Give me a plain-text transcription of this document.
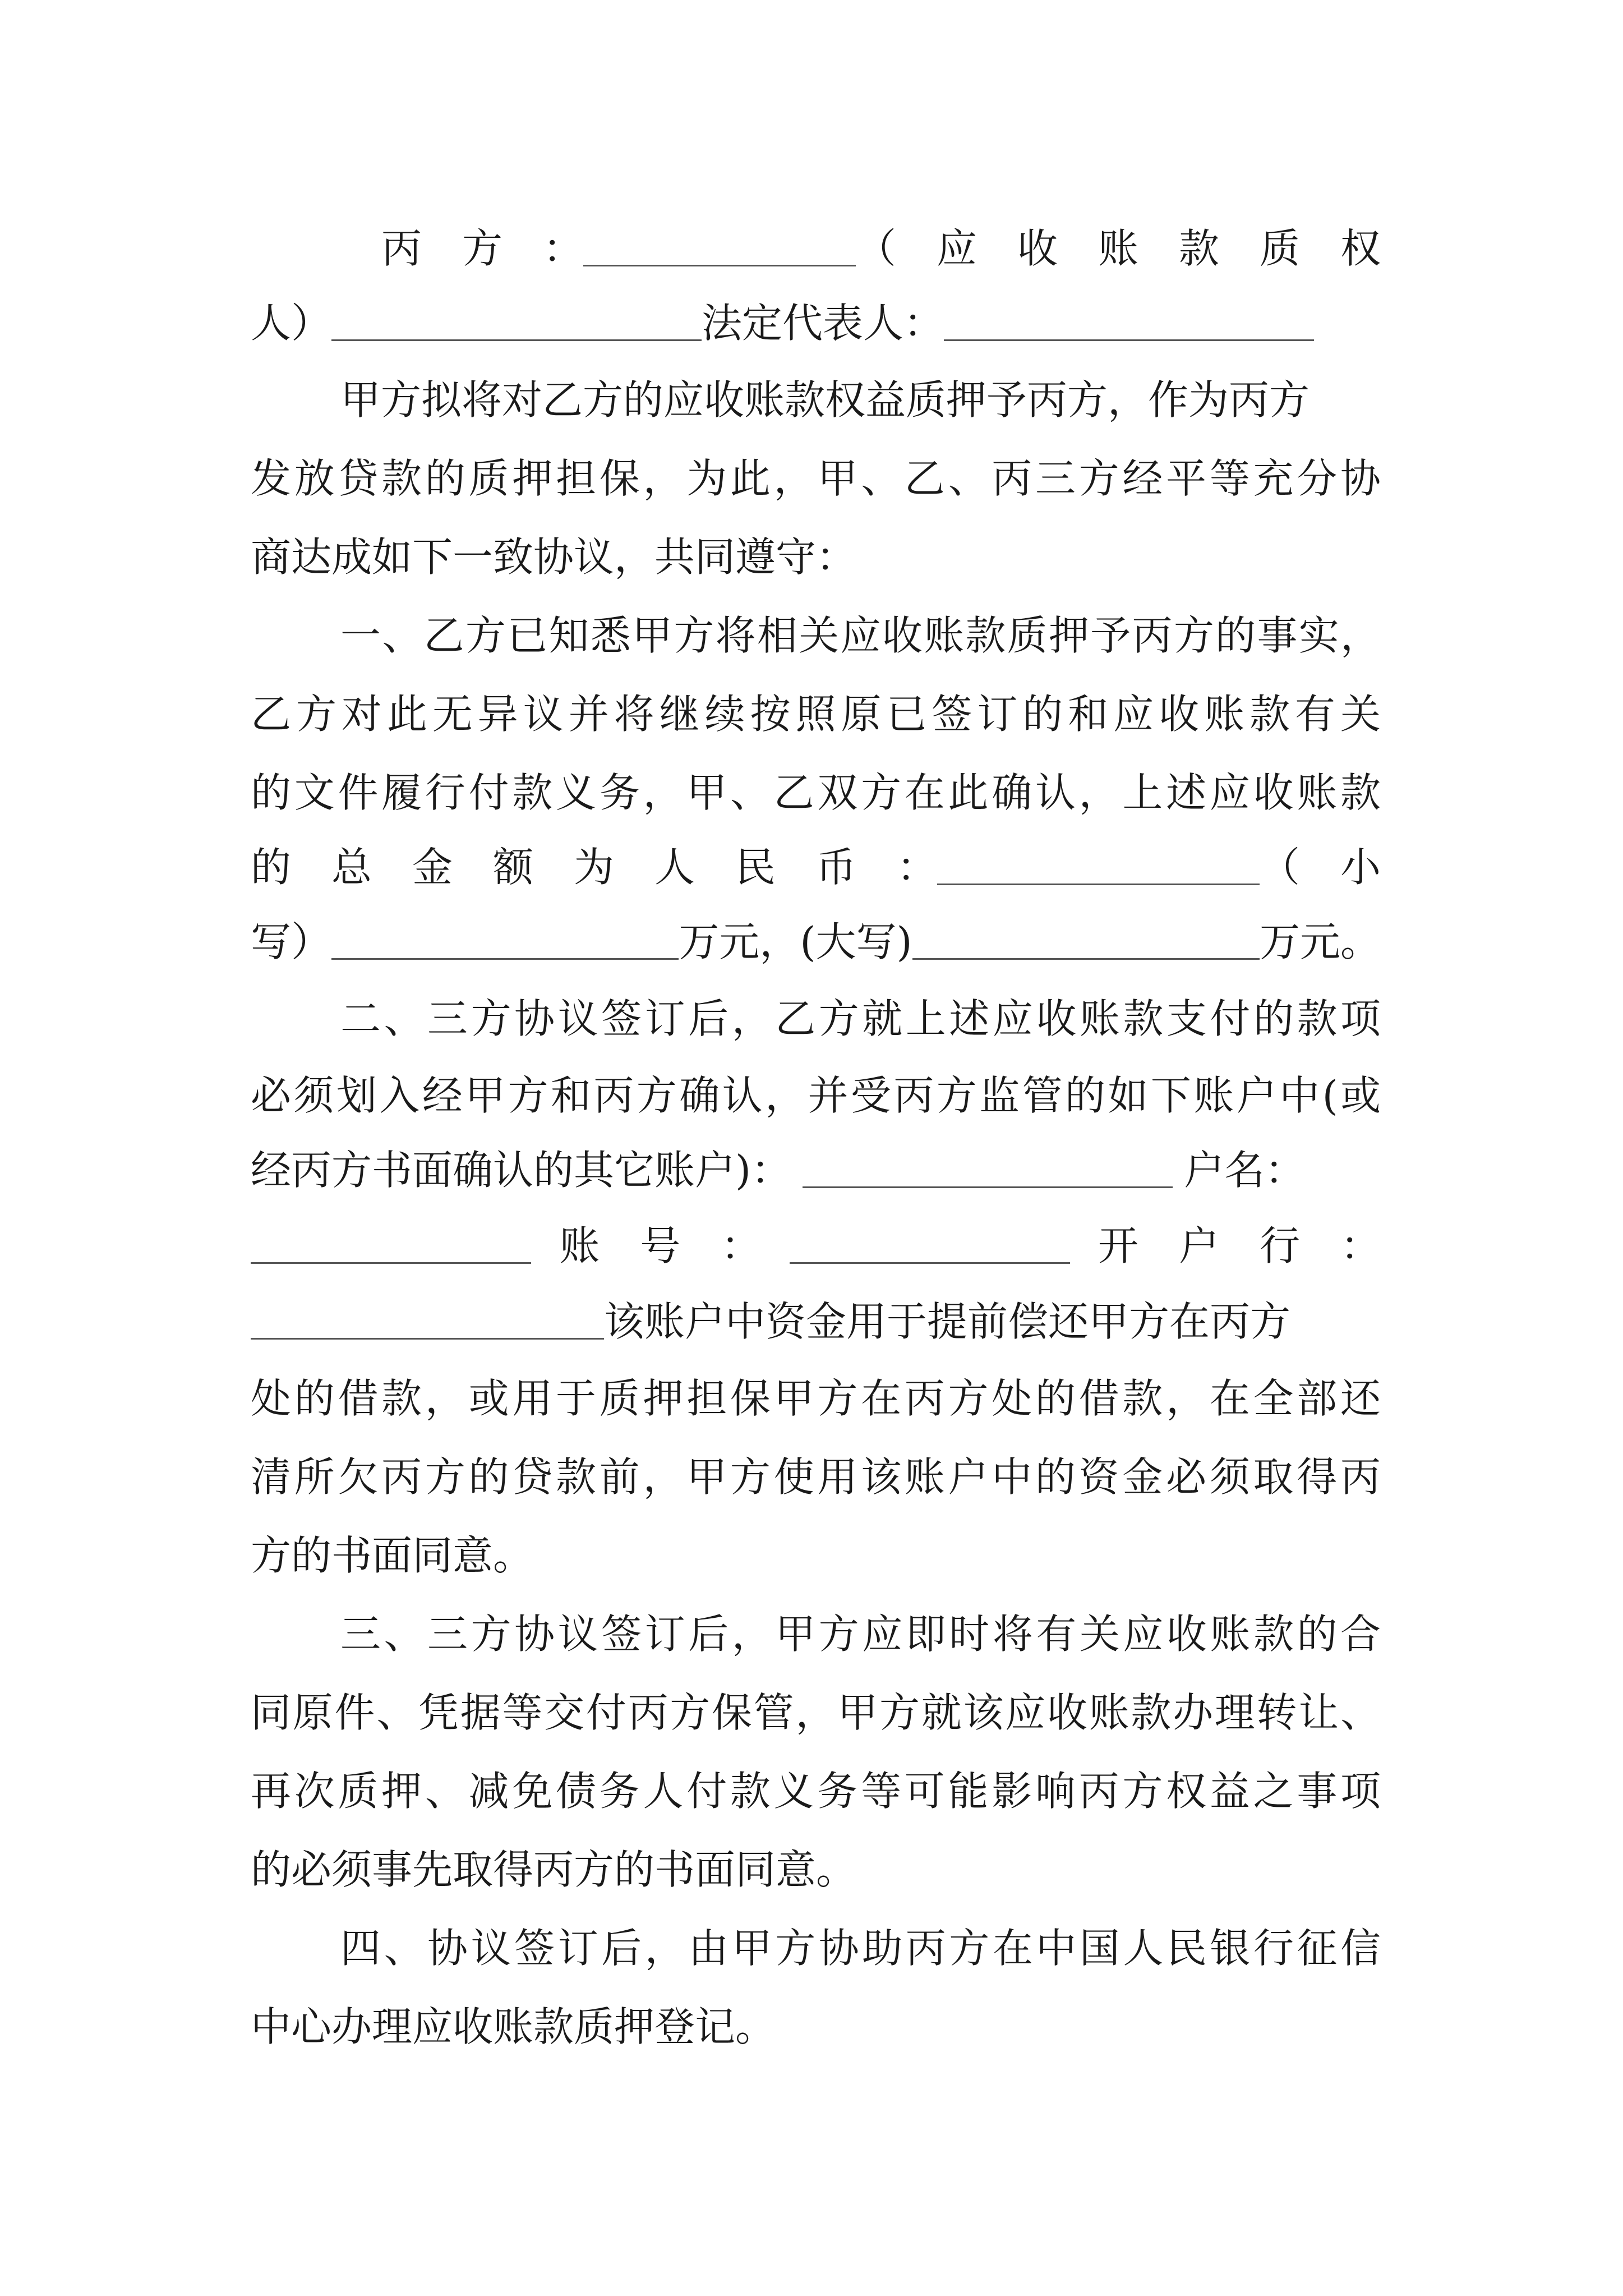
丙　方　：	（　应　收　账　款　质　权
人）	法定代表人：
甲方拟将对乙方的应收账款权益质押予丙方，作为丙方
发放贷款的质押担保，为此，甲、乙、丙三方经平等充分协
商达成如下一致协议，共同遵守：
一、乙方已知悉甲方将相关应收账款质押予丙方的事实，
乙方对此无异议并将继续按照原已签订的和应收账款有关
的文件履行付款义务，甲、乙双方在此确认，上述应收账款
的　总　金　额　为　人　民　币　：	（　小
写）	万元，(大写)	万元。
二、三方协议签订后，乙方就上述应收账款支付的款项
必须划入经甲方和丙方确认，并受丙方监管的如下账户中(或
经丙方书面确认的其它账户)：	户名：
账　号　：	开　户　行　：
该账户中资金用于提前偿还甲方在丙方
处的借款，或用于质押担保甲方在丙方处的借款，在全部还
清所欠丙方的贷款前，甲方使用该账户中的资金必须取得丙
方的书面同意。
三、三方协议签订后，甲方应即时将有关应收账款的合
同原件、凭据等交付丙方保管，甲方就该应收账款办理转让、
再次质押、减免债务人付款义务等可能影响丙方权益之事项
的必须事先取得丙方的书面同意。
四、协议签订后，由甲方协助丙方在中国人民银行征信
中心办理应收账款质押登记。
